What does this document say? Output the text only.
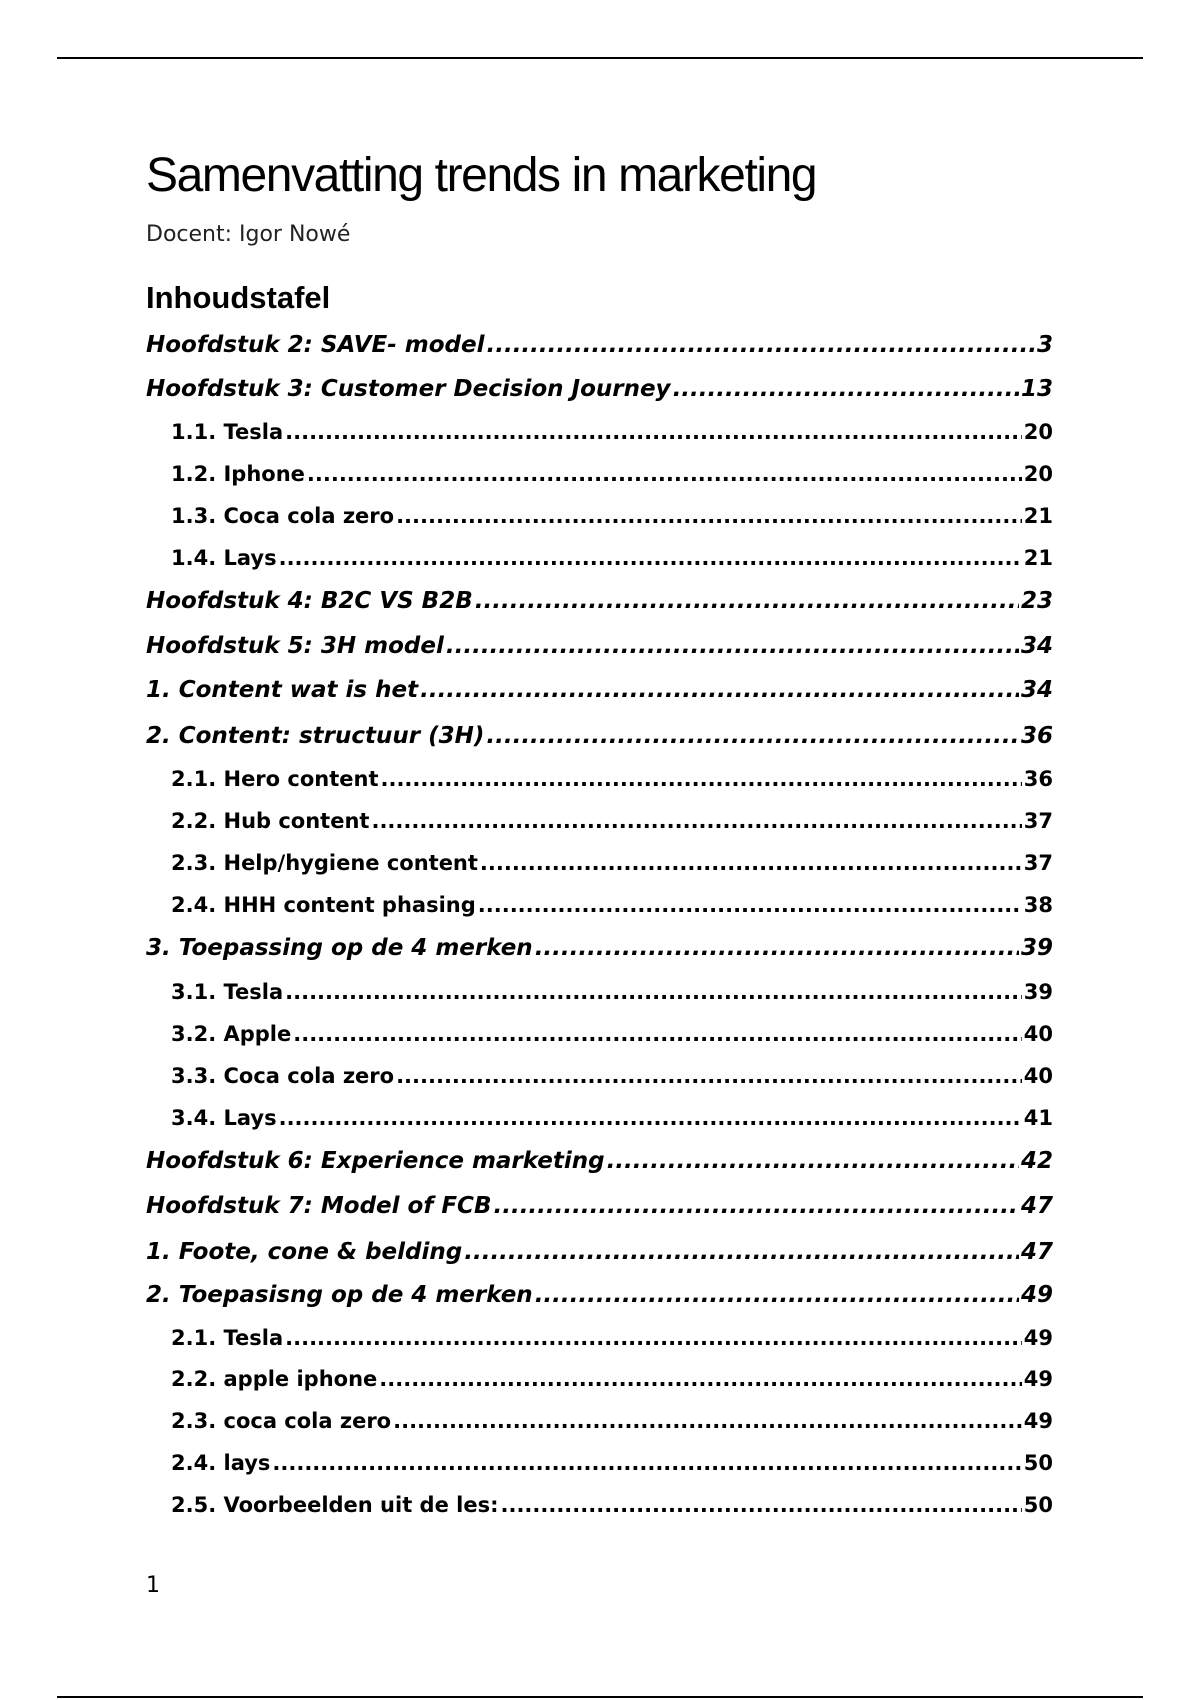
Samenvatting trends in marketing
Docent: Igor Nowé
Inhoudstafel
Hoofdstuk 2: SAVE- model .....	3
Hoofdstuk 3: Customer Decision Journey .....	13
1.1. Tesla .....	20
1.2. Iphone .....	20
1.3. Coca cola zero .....	21
1.4. Lays .....	21
Hoofdstuk 4: B2C VS B2B .....	23
Hoofdstuk 5: 3H model .....	34
1. Content wat is het .....	34
2. Content: structuur (3H) .....	36
2.1. Hero content .....	36
2.2. Hub content .....	37
2.3. Help/hygiene content .....	37
2.4. HHH content phasing .....	38
3. Toepassing op de 4 merken .....	39
3.1. Tesla .....	39
3.2. Apple .....	40
3.3. Coca cola zero .....	40
3.4. Lays .....	41
Hoofdstuk 6: Experience marketing .....	42
Hoofdstuk 7: Model of FCB .....	47
1. Foote, cone & belding .....	47
2. Toepasisng op de 4 merken .....	49
2.1. Tesla .....	49
2.2. apple iphone .....	49
2.3. coca cola zero .....	49
2.4. lays .....	50
2.5. Voorbeelden uit de les: .....	50
1
